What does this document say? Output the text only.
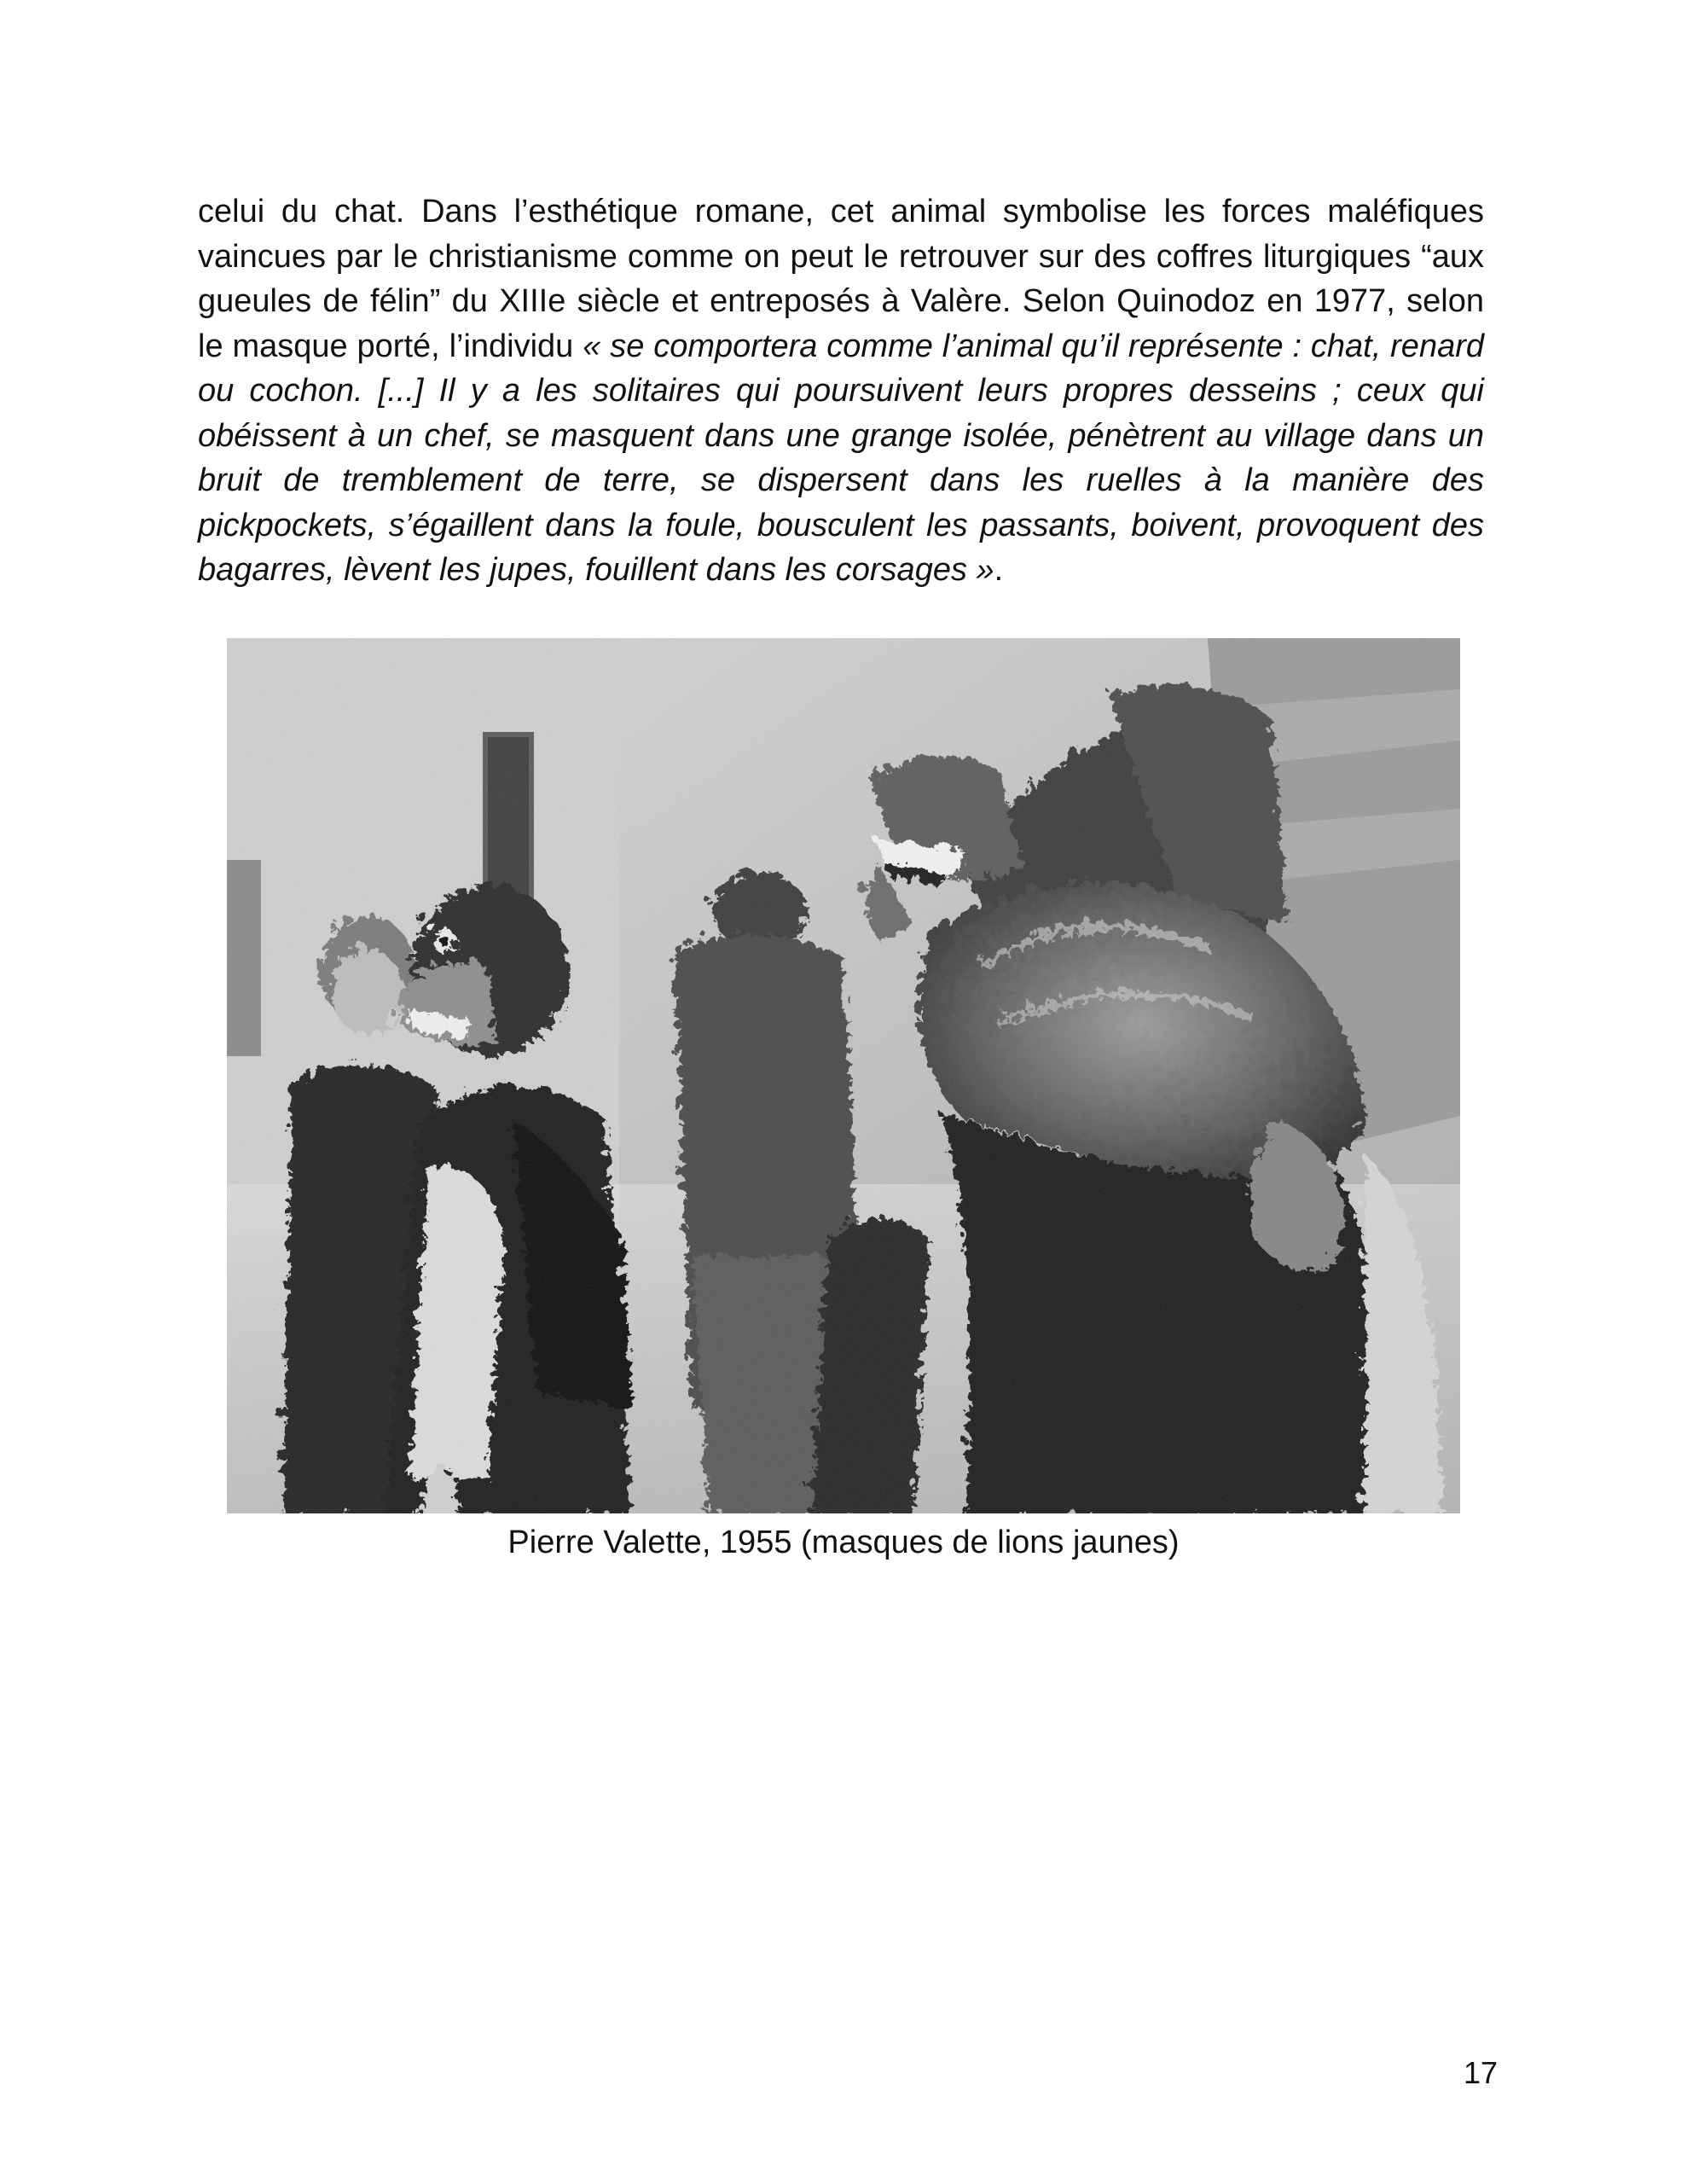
celui du chat. Dans l’esthétique romane, cet animal symbolise les forces maléfiques vaincues par le christianisme comme on peut le retrouver sur des coffres liturgiques “aux gueules de félin” du XIIIe siècle et entreposés à Valère. Selon Quinodoz en 1977, selon le masque porté, l’individu « se comportera comme l’animal qu’il représente : chat, renard ou cochon. [...] Il y a les solitaires qui poursuivent leurs propres desseins ; ceux qui obéissent à un chef, se masquent dans une grange isolée, pénètrent au village dans un bruit de tremblement de terre, se dispersent dans les ruelles à la manière des pickpockets, s’égaillent dans la foule, bousculent les passants, boivent, provoquent des bagarres, lèvent les jupes, fouillent dans les corsages ».

Pierre Valette, 1955 (masques de lions jaunes)

17
